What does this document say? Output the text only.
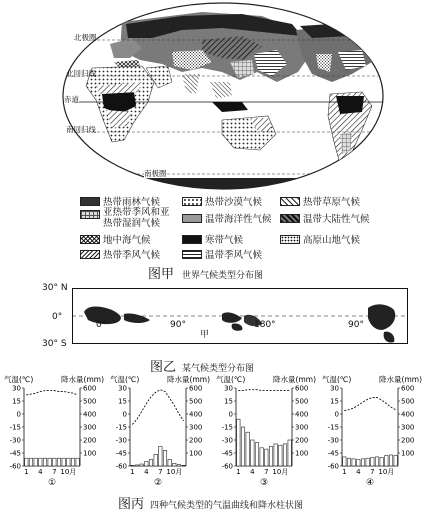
北极圈
北回归线
赤道
南回归线
南极圈
热带雨林气候	热带沙漠气候	热带草原气候
亚热带季风和亚热带湿润气候	温带海洋性气候	温带大陆性气候
地中海气候	寒带气候	高原山地气候
热带季风气候	温带季风气候
图甲 世界气候类型分布图
30° N
0°
30° S
0°	90°
甲
180°	90°
图乙 某气候类型分布图
气温(℃)	降水量(mm)
30
15
0
-15
-30
-45
-60
600
500
400
300
200
100
1 4 7 10月
①
气温(℃)	降水量(mm)
30
15
0
-15
-30
-45
-60
600
500
400
300
200
100
1 4 7 10月
②
气温(℃)	降水量(mm)
30
15
0
-15
-30
-45
-60
600
500
400
300
200
100
1 4 7 10月
③
气温(℃)	降水量(mm)
30
15
0
-15
-30
-45
-60
600
500
400
300
200
100
1 4 7 10月
④
图丙 四种气候类型的气温曲线和降水柱状图
